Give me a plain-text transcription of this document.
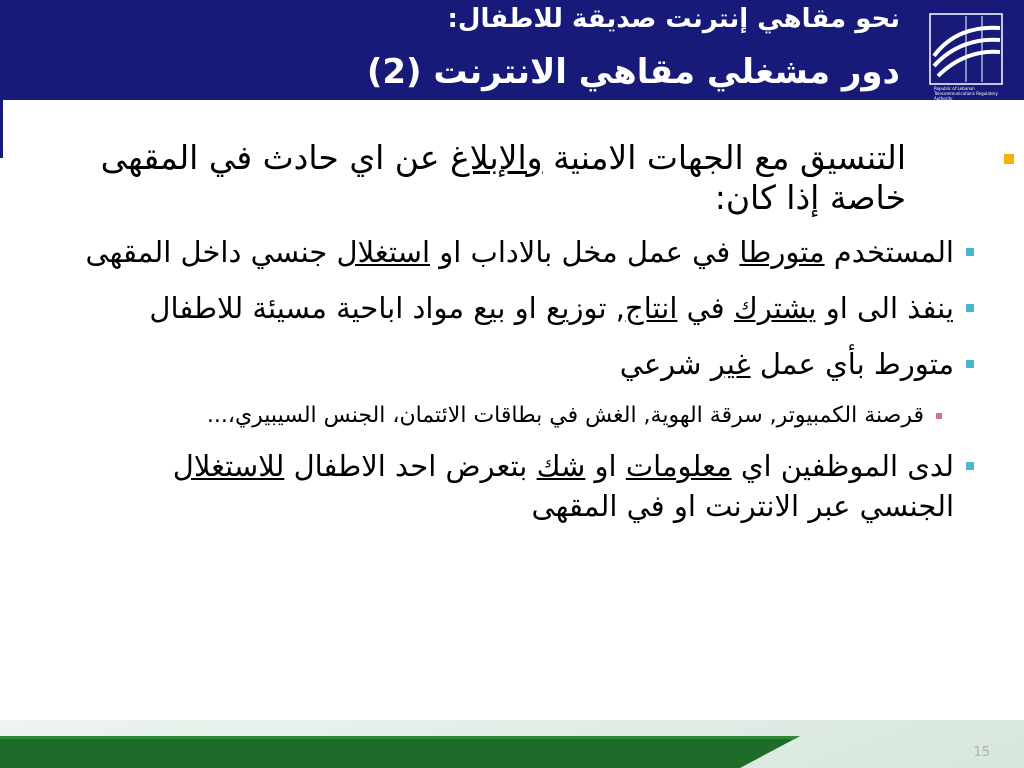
نحو مقاهي إنترنت صديقة للاطفال:
دور مشغلي مقاهي الانترنت (2)	Republic of Lebanon Telecommunications Regulatory Authority
التنسيق مع الجهات الامنية والإبلاغ عن اي حادث في المقهى خاصة إذا كان:
المستخدم متورطا في عمل مخل بالاداب او استغلال جنسي داخل المقهى
ينفذ الى او يشترك في انتاج, توزيع او بيع مواد اباحية مسيئة للاطفال
متورط بأي عمل غير شرعي
قرصنة الكمبيوتر, سرقة الهوية, الغش في بطاقات الائتمان، الجنس السيبيري،...
لدى الموظفين اي معلومات او شك بتعرض احد الاطفال للاستغلال الجنسي عبر الانترنت او في المقهى
15
